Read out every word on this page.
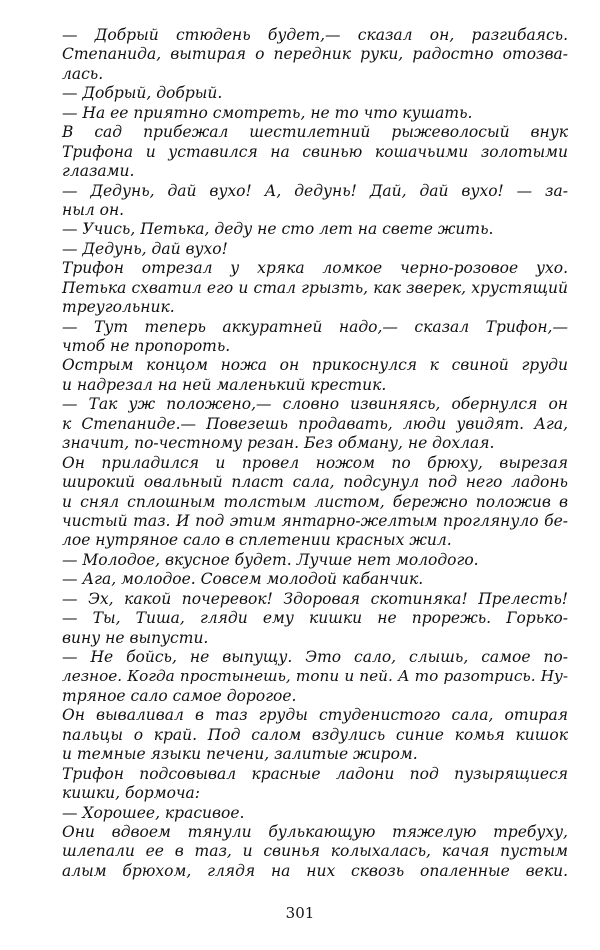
— Добрый стюдень будет,— сказал он, разгибаясь.
Степанида, вытирая о передник руки, радостно отозва-
лась.
— Добрый, добрый.
— На ее приятно смотреть, не то что кушать.
В сад прибежал шестилетний рыжеволосый внук
Трифона и уставился на свинью кошачьими золотыми
глазами.
— Дедунь, дай вухо! А, дедунь! Дай, дай вухо! — за-
ныл он.
— Учись, Петька, деду не сто лет на свете жить.
— Дедунь, дай вухо!
Трифон отрезал у хряка ломкое черно-розовое ухо.
Петька схватил его и стал грызть, как зверек, хрустящий
треугольник.
— Тут теперь аккуратней надо,— сказал Трифон,—
чтоб не пропороть.
Острым концом ножа он прикоснулся к свиной груди
и надрезал на ней маленький крестик.
— Так уж положено,— словно извиняясь, обернулся он
к Степаниде.— Повезешь продавать, люди увидят. Ага,
значит, по-честному резан. Без обману, не дохлая.
Он приладился и провел ножом по брюху, вырезая
широкий овальный пласт сала, подсунул под него ладонь
и снял сплошным толстым листом, бережно положив в
чистый таз. И под этим янтарно-желтым проглянуло бе-
лое нутряное сало в сплетении красных жил.
— Молодое, вкусное будет. Лучше нет молодого.
— Ага, молодое. Совсем молодой кабанчик.
— Эх, какой почеревок! Здоровая скотиняка! Прелесть!
— Ты, Тиша, гляди ему кишки не прорежь. Горько-
вину не выпусти.
— Не бойсь, не выпущу. Это сало, слышь, самое по-
лезное. Когда простынешь, топи и пей. А то разотрись. Ну-
тряное сало самое дорогое.
Он вываливал в таз груды студенистого сала, отирая
пальцы о край. Под салом вздулись синие комья кишок
и темные языки печени, залитые жиром.
Трифон подсовывал красные ладони под пузырящиеся
кишки, бормоча:
— Хорошее, красивое.
Они вдвоем тянули булькающую тяжелую требуху,
шлепали ее в таз, и свинья колыхалась, качая пустым
алым брюхом, глядя на них сквозь опаленные веки.
301
